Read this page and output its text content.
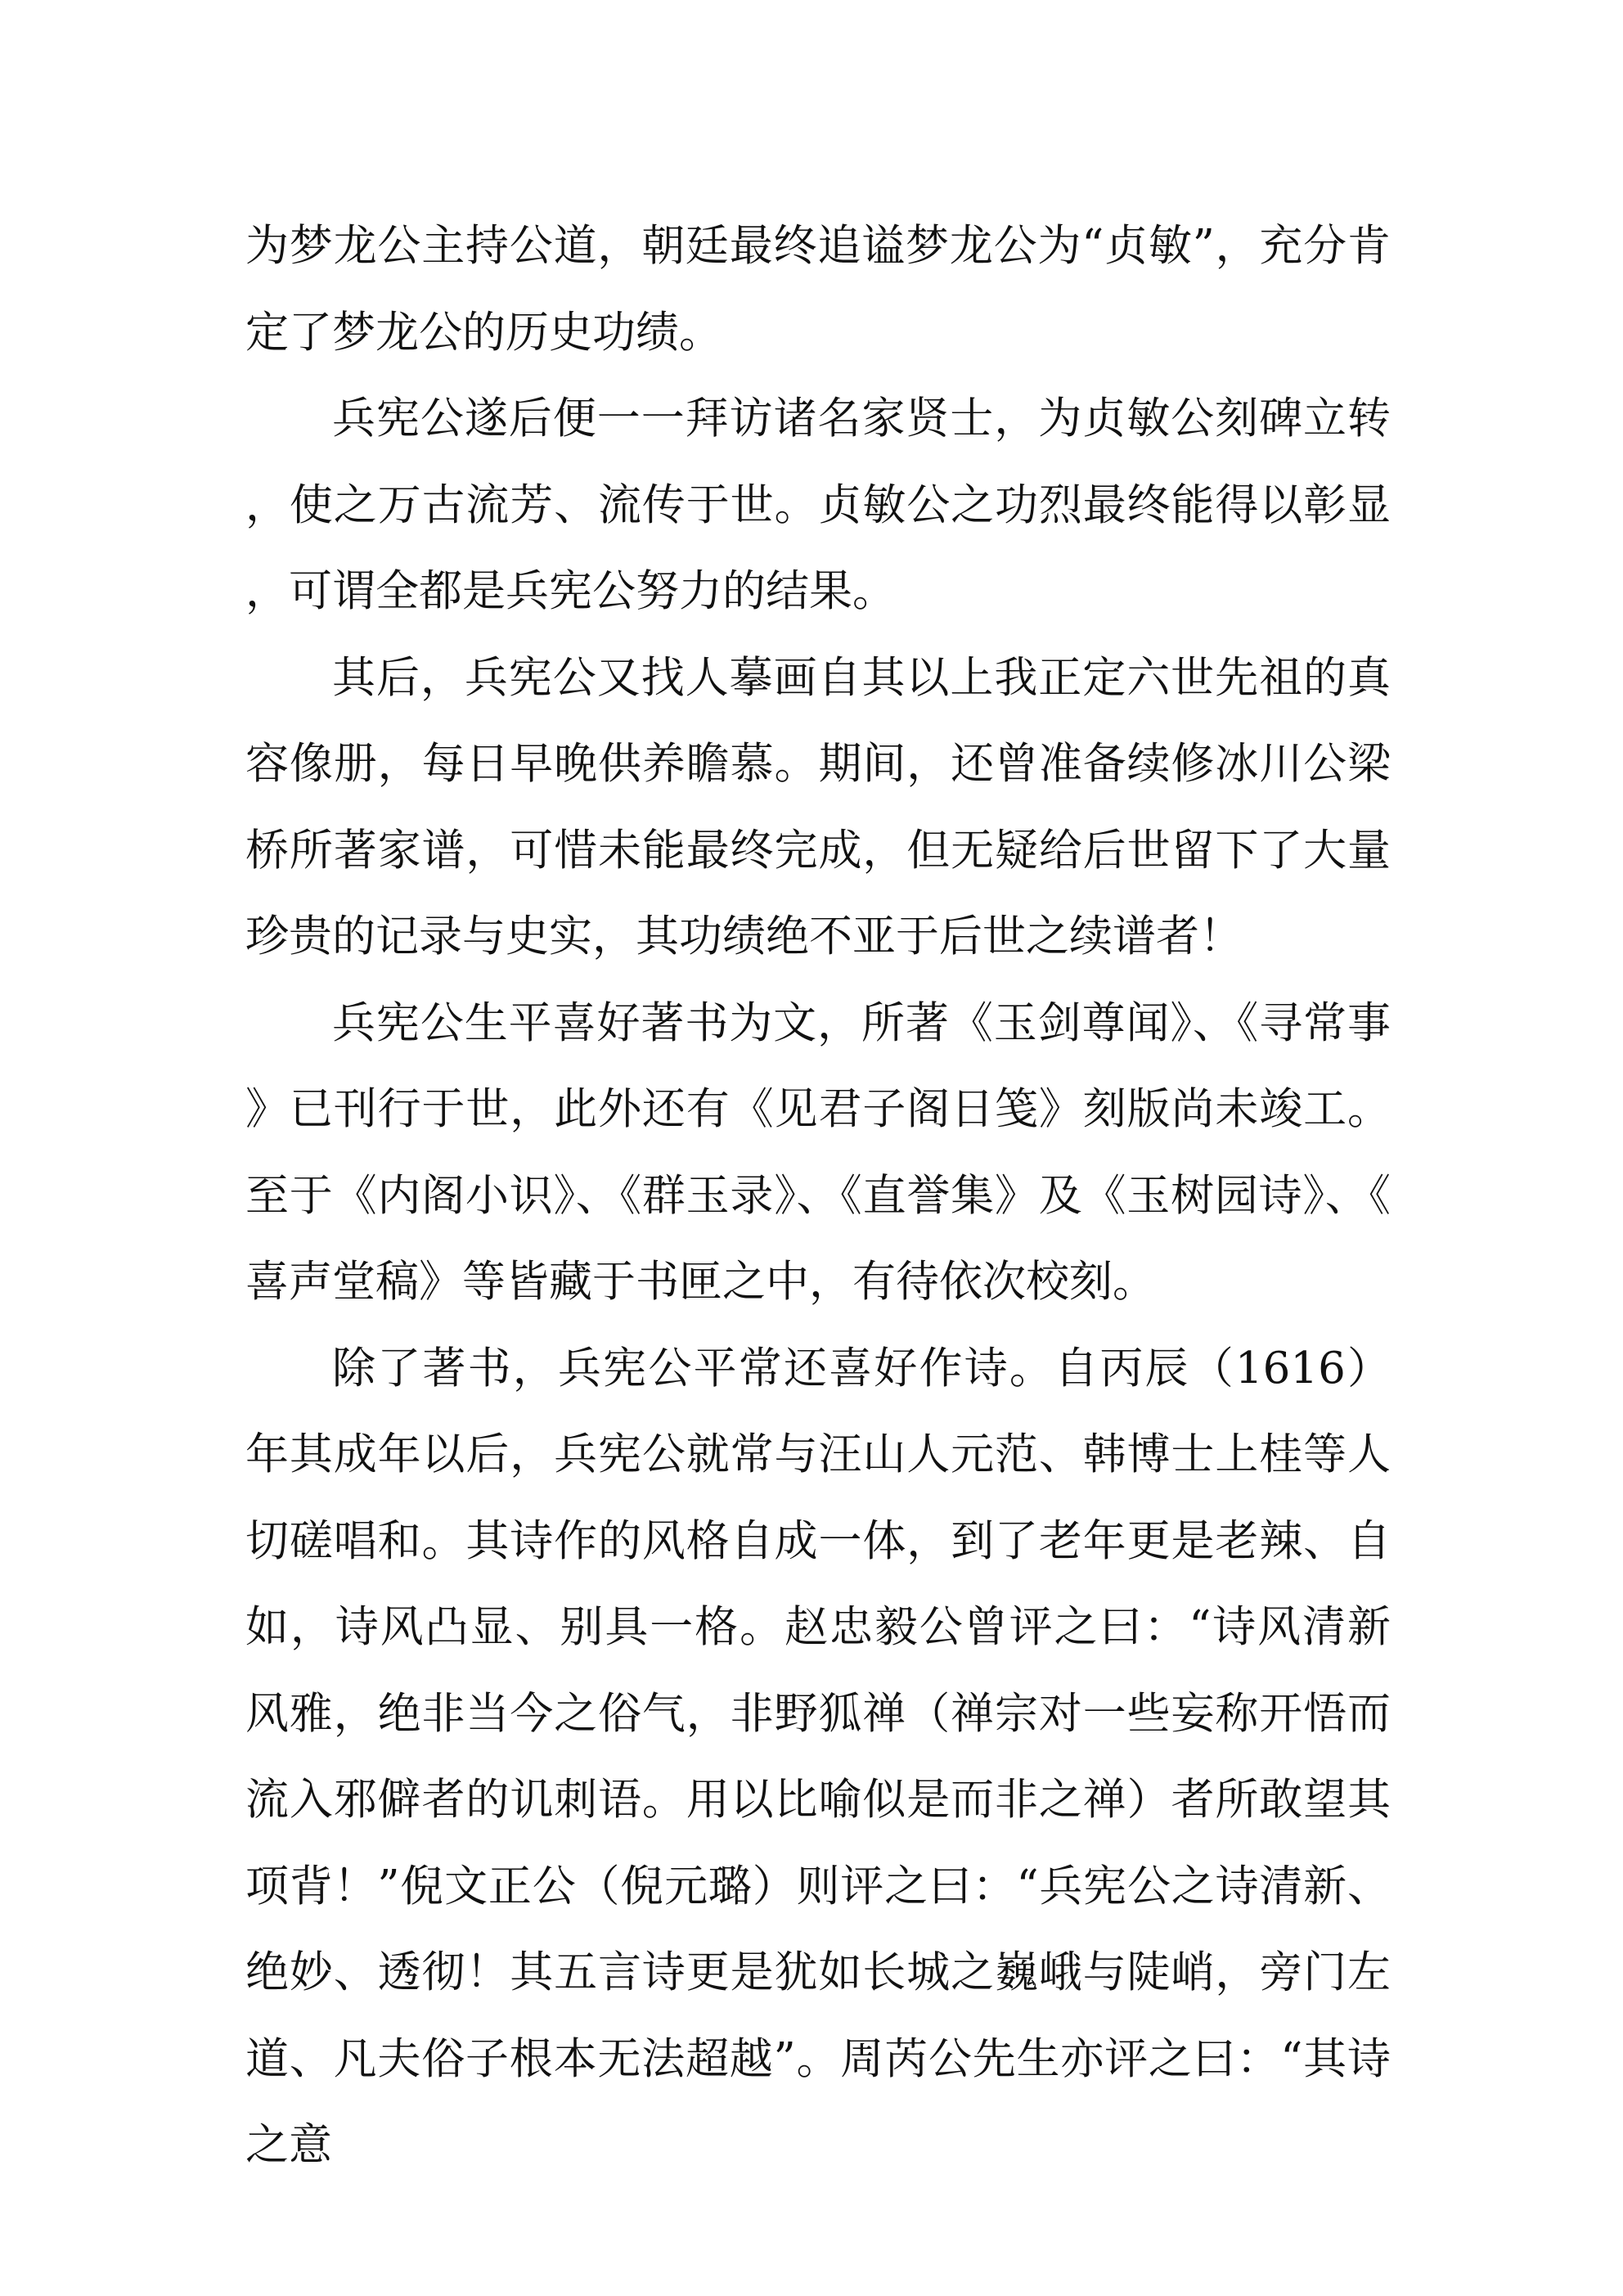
为梦龙公主持公道，朝廷最终追谥梦龙公为“贞敏”，充分肯定了梦龙公的历史功绩。

兵宪公遂后便一一拜访诸名家贤士，为贞敏公刻碑立转，使之万古流芳、流传于世。贞敏公之功烈最终能得以彰显，可谓全都是兵宪公努力的结果。

其后，兵宪公又找人摹画自其以上我正定六世先祖的真容像册，每日早晚供养瞻慕。期间，还曾准备续修冰川公梁桥所著家谱，可惜未能最终完成，但无疑给后世留下了大量珍贵的记录与史实，其功绩绝不亚于后世之续谱者！

兵宪公生平喜好著书为文，所著《玉剑尊闻》、《寻常事》已刊行于世，此外还有《见君子阁日笺》刻版尚未竣工。至于《内阁小识》、《群玉录》、《直誉集》及《玉树园诗》、《喜声堂稿》等皆藏于书匣之中，有待依次校刻。

除了著书，兵宪公平常还喜好作诗。自丙辰（1616）年其成年以后，兵宪公就常与汪山人元范、韩博士上桂等人切磋唱和。其诗作的风格自成一体，到了老年更是老辣、自如，诗风凸显、别具一格。赵忠毅公曾评之曰：“诗风清新风雅，绝非当今之俗气，非野狐禅（禅宗对一些妄称开悟而流入邪僻者的讥刺语。用以比喻似是而非之禅）者所敢望其项背！”倪文正公（倪元璐）则评之曰：“兵宪公之诗清新、绝妙、透彻！其五言诗更是犹如长城之巍峨与陡峭，旁门左道、凡夫俗子根本无法超越”。周芮公先生亦评之曰：“其诗之意
